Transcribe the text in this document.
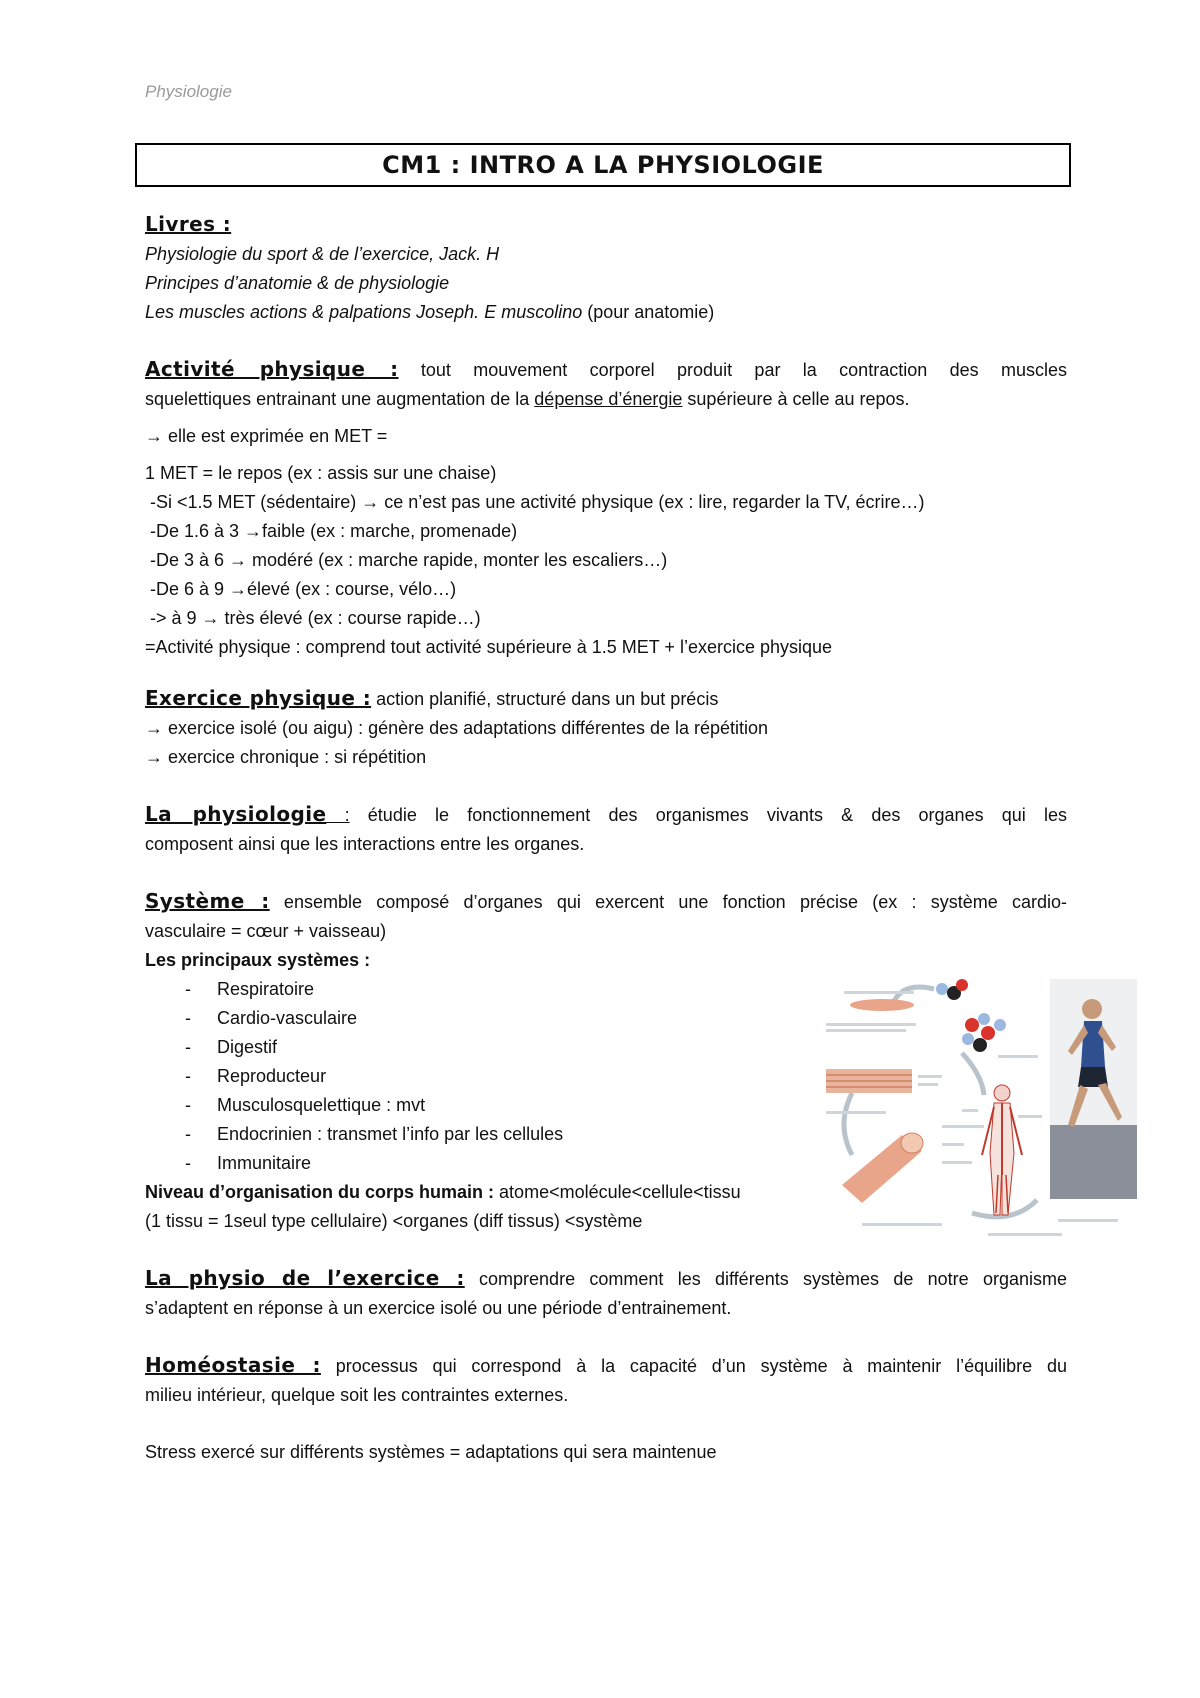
Physiologie
CM1 : INTRO A LA PHYSIOLOGIE
Livres :
Physiologie du sport & de l’exercice, Jack. H
Principes d’anatomie & de physiologie
Les muscles actions & palpations Joseph. E muscolino (pour anatomie)
Activité physique : tout mouvement corporel produit par la contraction des muscles
squelettiques entrainant une augmentation de la dépense d’énergie supérieure à celle au repos.
→ elle est exprimée en MET =
1 MET = le repos (ex : assis sur une chaise)
-Si <1.5 MET (sédentaire) → ce n’est pas une activité physique (ex : lire, regarder la TV, écrire…)
-De 1.6 à 3 →faible (ex : marche, promenade)
-De 3 à 6 → modéré (ex : marche rapide, monter les escaliers…)
-De 6 à 9 →élevé (ex : course, vélo…)
-> à 9 → très élevé (ex : course rapide…)
=Activité physique : comprend tout activité supérieure à 1.5 MET + l’exercice physique
Exercice physique : action planifié, structuré dans un but précis
→ exercice isolé (ou aigu) : génère des adaptations différentes de la répétition
→ exercice chronique : si répétition
La physiologie : étudie le fonctionnement des organismes vivants & des organes qui les
composent ainsi que les interactions entre les organes.
Système : ensemble composé d’organes qui exercent une fonction précise (ex : système cardio-
vasculaire = cœur + vaisseau)
Les principaux systèmes :
- Respiratoire
- Cardio-vasculaire
- Digestif
- Reproducteur
- Musculosquelettique : mvt
- Endocrinien : transmet l’info par les cellules
- Immunitaire
Niveau d’organisation du corps humain : atome<molécule<cellule<tissu
(1 tissu = 1seul type cellulaire) <organes (diff tissus) <système
La physio de l’exercice : comprendre comment les différents systèmes de notre organisme
s’adaptent en réponse à un exercice isolé ou une période d’entrainement.
Homéostasie : processus qui correspond à la capacité d’un système à maintenir l’équilibre du
milieu intérieur, quelque soit les contraintes externes.
Stress exercé sur différents systèmes = adaptations qui sera maintenue
